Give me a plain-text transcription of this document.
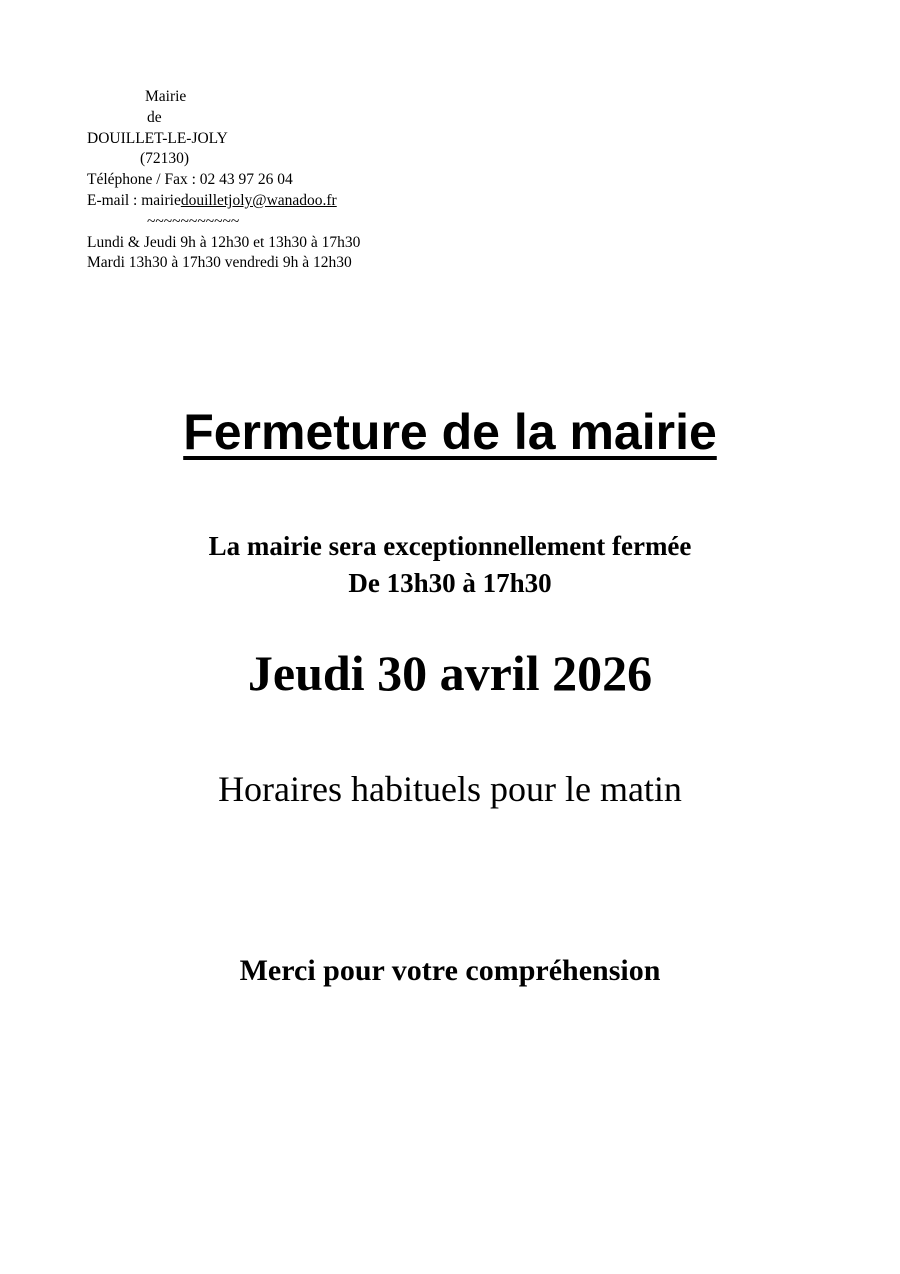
Mairie
de
DOUILLET-LE-JOLY
(72130)
Téléphone / Fax : 02 43 97 26 04
E-mail : mairiedouilletjoly@wanadoo.fr
~~~~~~~~~~~
Lundi & Jeudi 9h à 12h30 et 13h30 à 17h30
Mardi 13h30 à 17h30 vendredi 9h à 12h30
Fermeture de la mairie
La mairie sera exceptionnellement fermée
De 13h30 à 17h30
Jeudi 30 avril 2026
Horaires habituels pour le matin
Merci pour votre compréhension
